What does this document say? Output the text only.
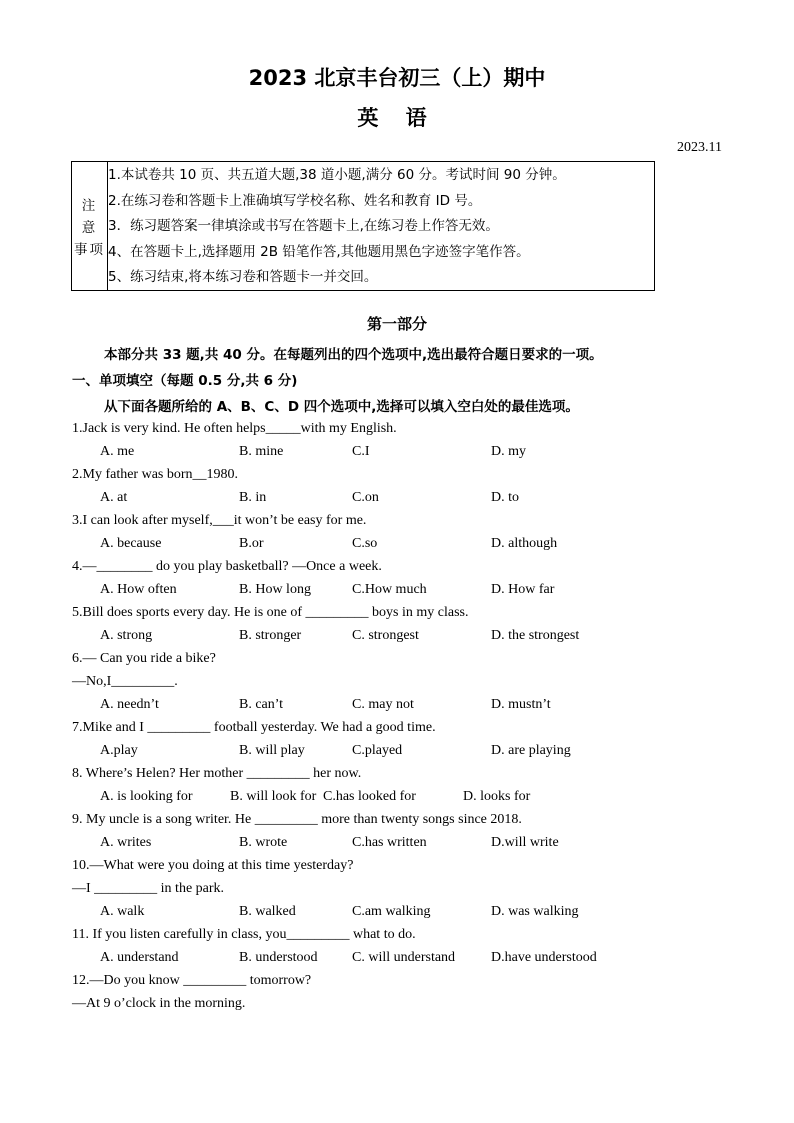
2023 北京丰台初三（上）期中
英 语
2023.11
注 意 事项
1.本试卷共 10 页、共五道大题,38 道小题,满分 60 分。考试时间 90 分钟。
2.在练习卷和答题卡上准确填写学校名称、姓名和教育 ID 号。
3．练习题答案一律填涂或书写在答题卡上,在练习卷上作答无效。
4、在答题卡上,选择题用 2B 铅笔作答,其他题用黑色字迹签字笔作答。
5、练习结束,将本练习卷和答题卡一并交回。
第一部分
本部分共 33 题,共 40 分。在每题列出的四个选项中,选出最符合题日要求的一项。
一、单项填空（每题 0.5 分,共 6 分)
从下面各题所给的 A、B、C、D 四个选项中,选择可以填入空白处的最佳选项。
1.Jack is very kind. He often helps_____with my English.
A. me	B. mine	C.I	D. my
2.My father was born__1980.
A. at	B. in	C.on	D. to
3.I can look after myself,___it won’t be easy for me.
A. because	B.or	C.so	D. although
4.—________ do you play basketball? —Once a week.
A. How often	B. How long	C.How much	D. How far
5.Bill does sports every day. He is one of _________ boys in my class.
A. strong	B. stronger	C. strongest	D. the strongest
6.— Can you ride a bike?
—No,I_________.
A. needn’t	B. can’t	C. may not	D. mustn’t
7.Mike and I _________ football yesterday. We had a good time.
A.play	B. will play	C.played	D. are playing
8. Where’s Helen? Her mother _________ her now.
A. is looking for	B. will look for C.has looked for	D. looks for
9. My uncle is a song writer. He _________ more than twenty songs since 2018.
A. writes	B. wrote	C.has written	D.will write
10.—What were you doing at this time yesterday?
—I _________ in the park.
A. walk	B. walked	C.am walking	D. was walking
11. If you listen carefully in class, you_________ what to do.
A. understand	B. understood C. will understand	D.have understood
12.—Do you know _________ tomorrow?
—At 9 o’clock in the morning.
